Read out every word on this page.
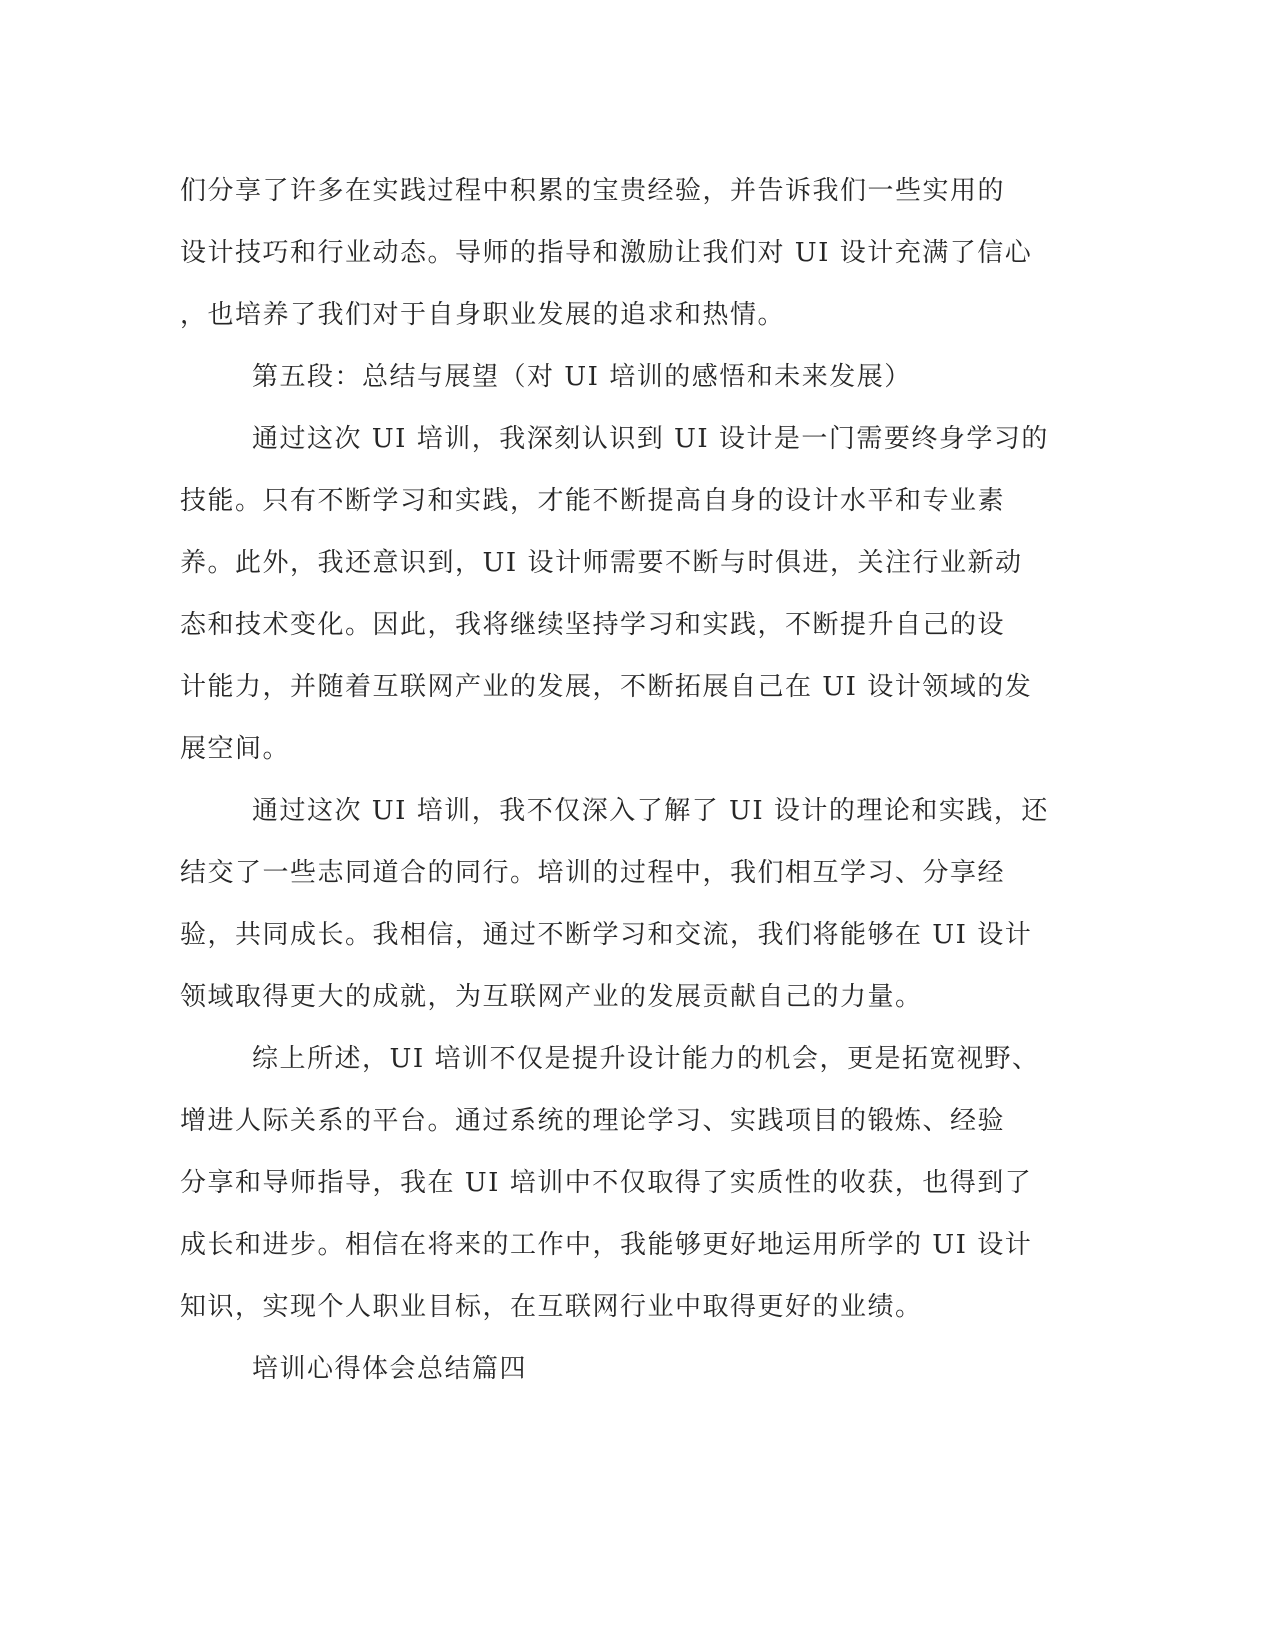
们分享了许多在实践过程中积累的宝贵经验，并告诉我们一些实用的
设计技巧和行业动态。导师的指导和激励让我们对 UI 设计充满了信心
，也培养了我们对于自身职业发展的追求和热情。
第五段：总结与展望（对 UI 培训的感悟和未来发展）
通过这次 UI 培训，我深刻认识到 UI 设计是一门需要终身学习的
技能。只有不断学习和实践，才能不断提高自身的设计水平和专业素
养。此外，我还意识到，UI 设计师需要不断与时俱进，关注行业新动
态和技术变化。因此，我将继续坚持学习和实践，不断提升自己的设
计能力，并随着互联网产业的发展，不断拓展自己在 UI 设计领域的发
展空间。
通过这次 UI 培训，我不仅深入了解了 UI 设计的理论和实践，还
结交了一些志同道合的同行。培训的过程中，我们相互学习、分享经
验，共同成长。我相信，通过不断学习和交流，我们将能够在 UI 设计
领域取得更大的成就，为互联网产业的发展贡献自己的力量。
综上所述，UI 培训不仅是提升设计能力的机会，更是拓宽视野、
增进人际关系的平台。通过系统的理论学习、实践项目的锻炼、经验
分享和导师指导，我在 UI 培训中不仅取得了实质性的收获，也得到了
成长和进步。相信在将来的工作中，我能够更好地运用所学的 UI 设计
知识，实现个人职业目标，在互联网行业中取得更好的业绩。
培训心得体会总结篇四
